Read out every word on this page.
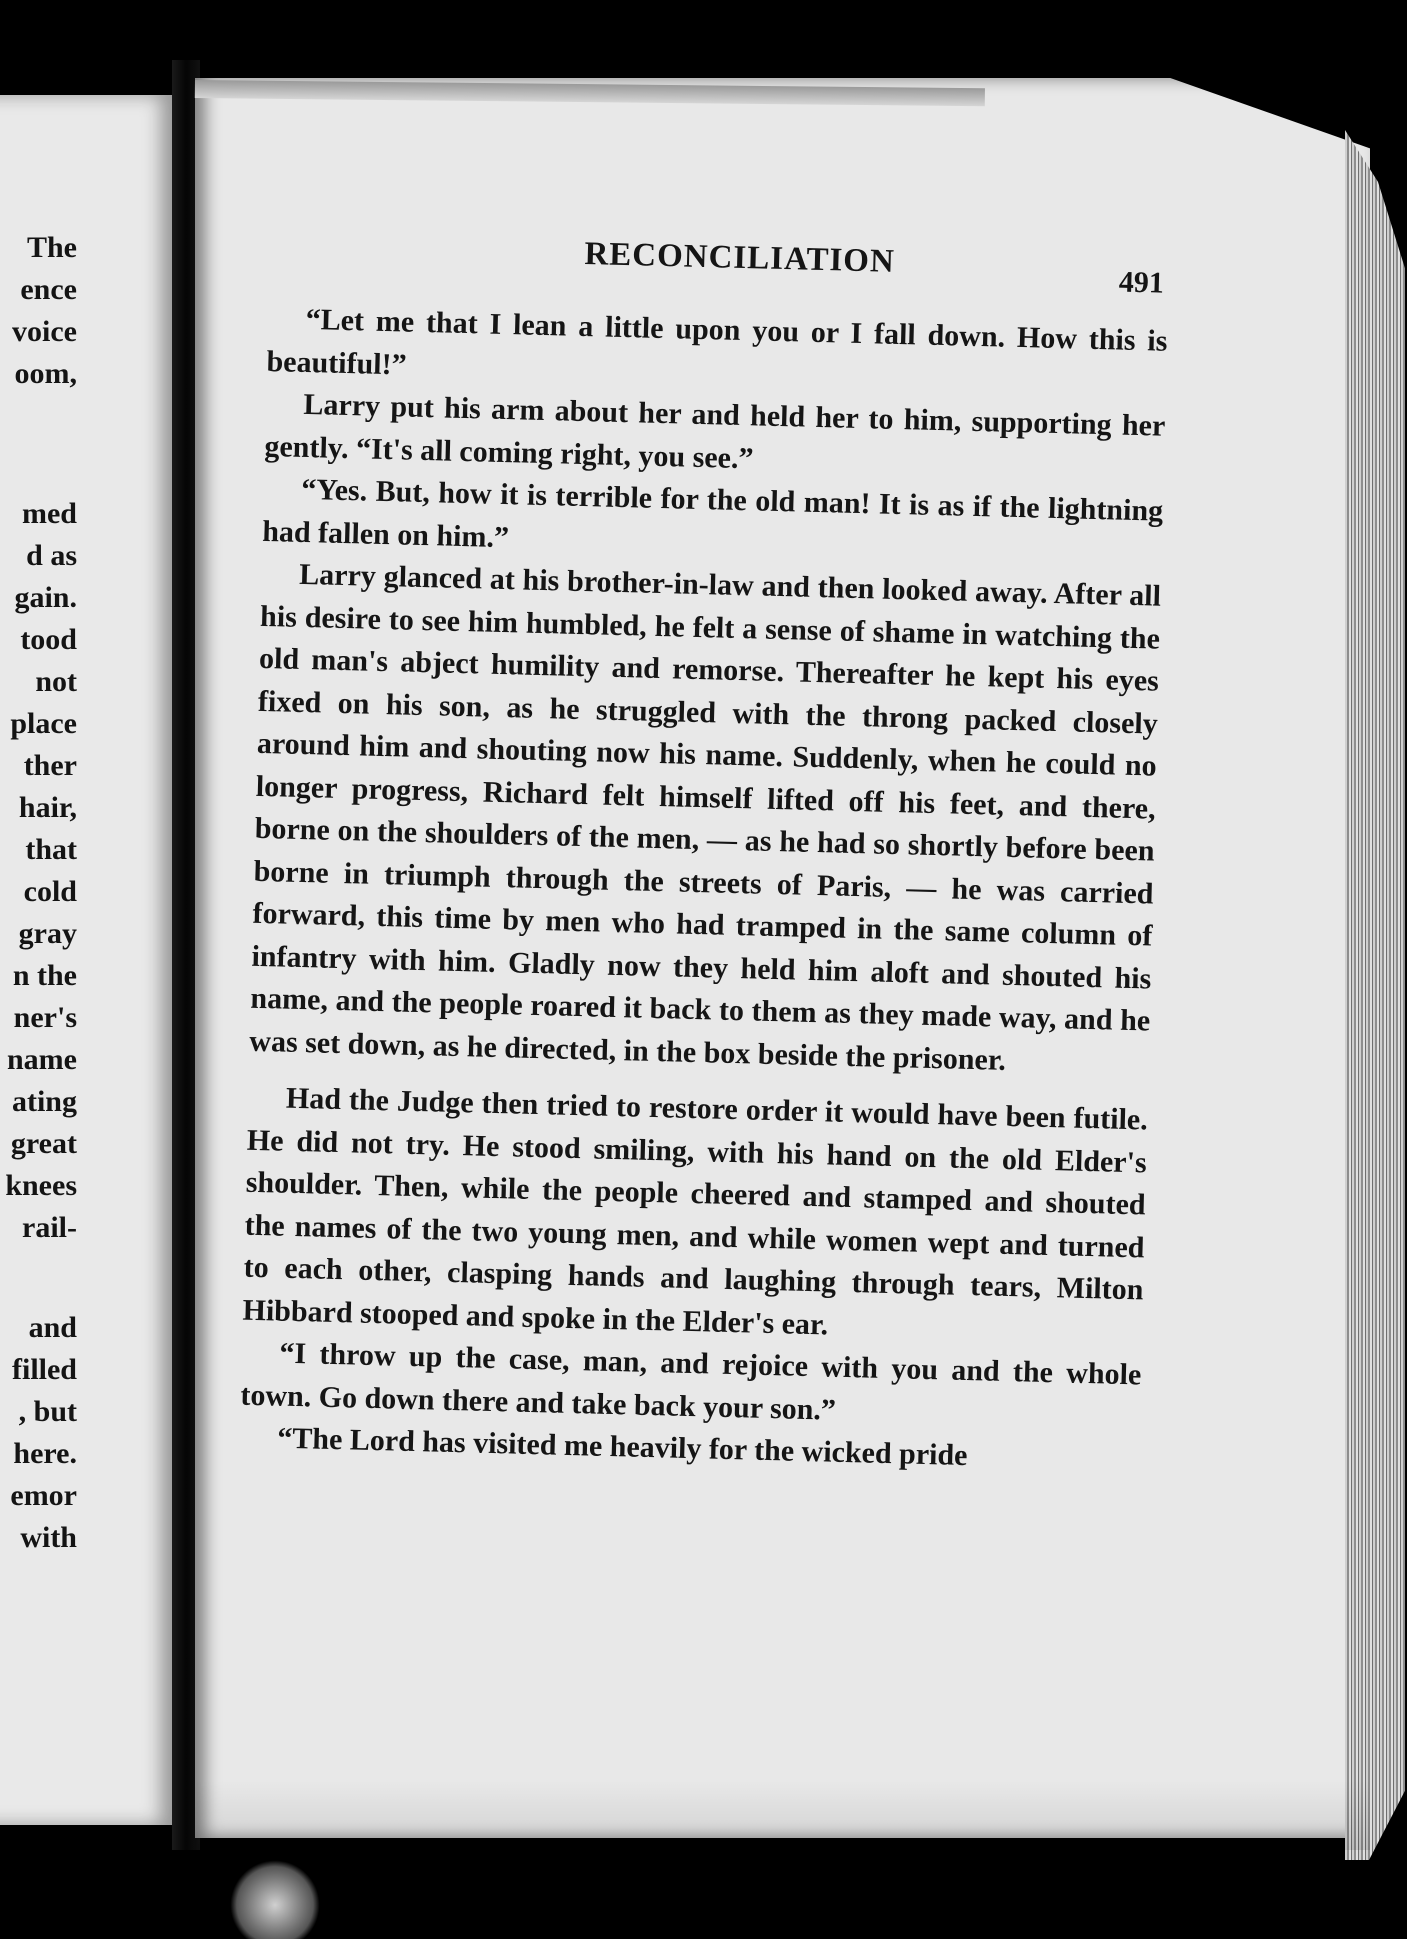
The
ence
voice
oom,
med
d as
gain.
tood
not
place
ther
hair,
that
cold
gray
n the
ner's
name
ating
great
knees
rail-
and
filled
, but
here.
emor
with
RECONCILIATION
491

“Let me that I lean a little upon you or I fall down. How this is beautiful!”

Larry put his arm about her and held her to him, supporting her gently. “It's all coming right, you see.”

“Yes. But, how it is terrible for the old man! It is as if the lightning had fallen on him.”

Larry glanced at his brother-in-law and then looked away. After all his desire to see him humbled, he felt a sense of shame in watching the old man's abject humility and remorse. Thereafter he kept his eyes fixed on his son, as he struggled with the throng packed closely around him and shouting now his name. Suddenly, when he could no longer progress, Richard felt himself lifted off his feet, and there, borne on the shoulders of the men, — as he had so shortly before been borne in triumph through the streets of Paris, — he was carried forward, this time by men who had tramped in the same column of infantry with him. Gladly now they held him aloft and shouted his name, and the people roared it back to them as they made way, and he was set down, as he directed, in the box beside the prisoner.

Had the Judge then tried to restore order it would have been futile. He did not try. He stood smiling, with his hand on the old Elder's shoulder. Then, while the people cheered and stamped and shouted the names of the two young men, and while women wept and turned to each other, clasping hands and laughing through tears, Milton Hibbard stooped and spoke in the Elder's ear.

“I throw up the case, man, and rejoice with you and the whole town. Go down there and take back your son.”

“The Lord has visited me heavily for the wicked pride
